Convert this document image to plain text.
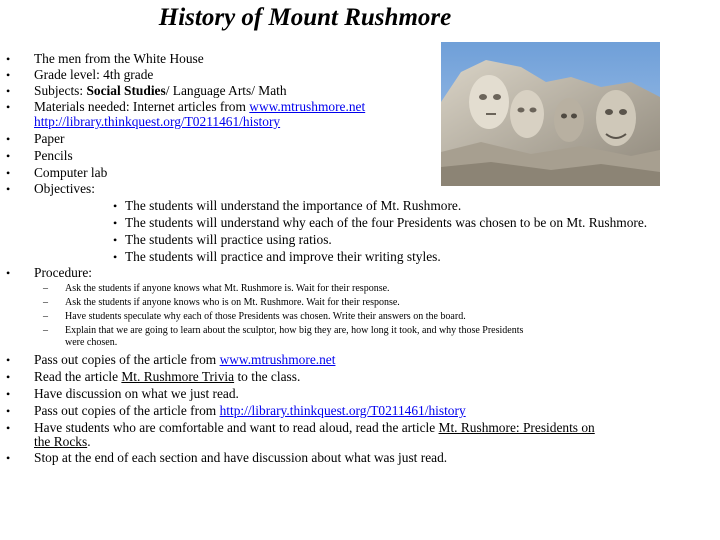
History of Mount Rushmore
• The men from the White House
• Grade level: 4th grade
• Subjects: Social Studies/ Language Arts/ Math
• Materials needed: Internet articles from www.mtrushmore.net
http://library.thinkquest.org/T0211461/history
• Paper
• Pencils
• Computer lab
• Objectives:
• The students will understand the importance of Mt. Rushmore.
• The students will understand why each of the four Presidents was chosen to be on Mt. Rushmore.
• The students will practice using ratios.
• The students will practice and improve their writing styles.
• Procedure:
– Ask the students if anyone knows what Mt. Rushmore is. Wait for their response.
– Ask the students if anyone knows who is on Mt. Rushmore. Wait for their response.
– Have students speculate why each of those Presidents was chosen. Write their answers on the board.
– Explain that we are going to learn about the sculptor, how big they are, how long it took, and why those Presidents
were chosen.
• Pass out copies of the article from www.mtrushmore.net
• Read the article Mt. Rushmore Trivia to the class.
• Have discussion on what we just read.
• Pass out copies of the article from http://library.thinkquest.org/T0211461/history
• Have students who are comfortable and want to read aloud, read the article Mt. Rushmore: Presidents on
the Rocks.
• Stop at the end of each section and have discussion about what was just read.
